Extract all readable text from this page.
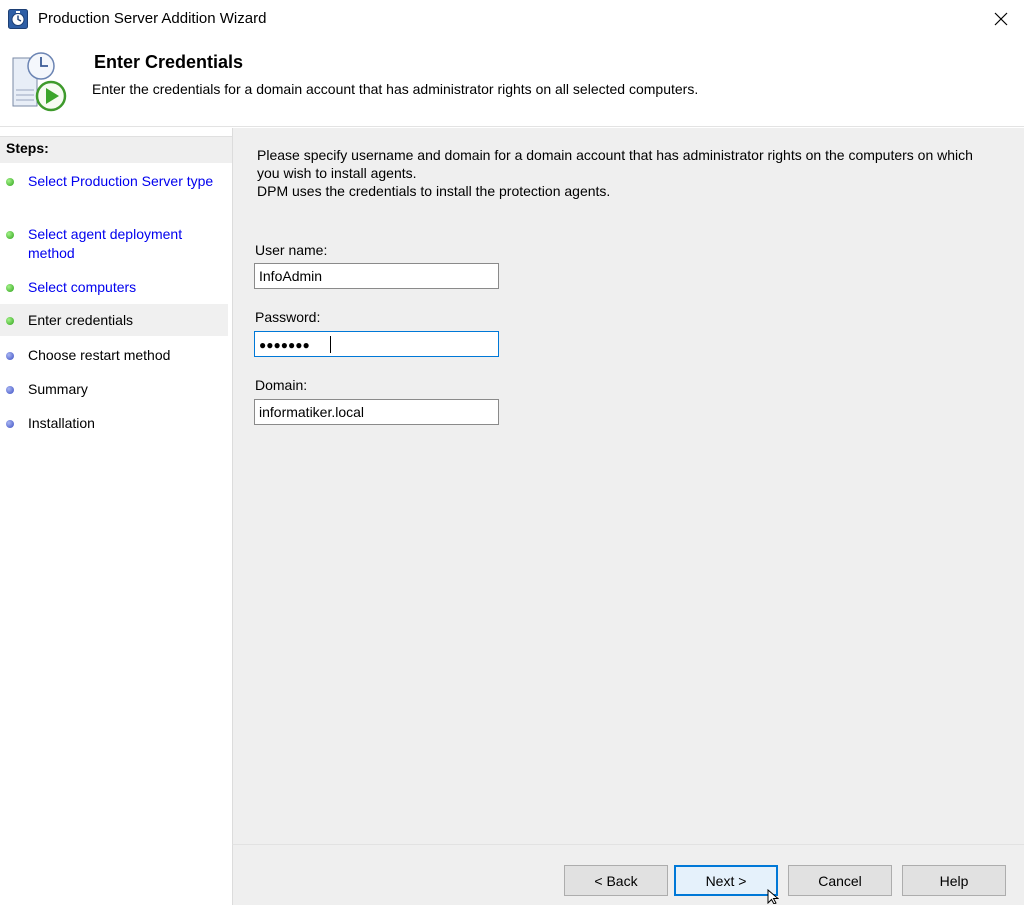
Production Server Addition Wizard
Enter Credentials
Enter the credentials for a domain account that has administrator rights on all selected computers.
Steps:
Select Production Server type
Select agent deployment method
Select computers
Enter credentials
Choose restart method
Summary
Installation
Please specify username and domain for a domain account that has administrator rights on the computers on which you wish to install agents.
DPM uses the credentials to install the protection agents.
User name:
InfoAdmin
Password:
●●●●●●●
Domain:
informatiker.local
< Back	Next >	Cancel	Help
